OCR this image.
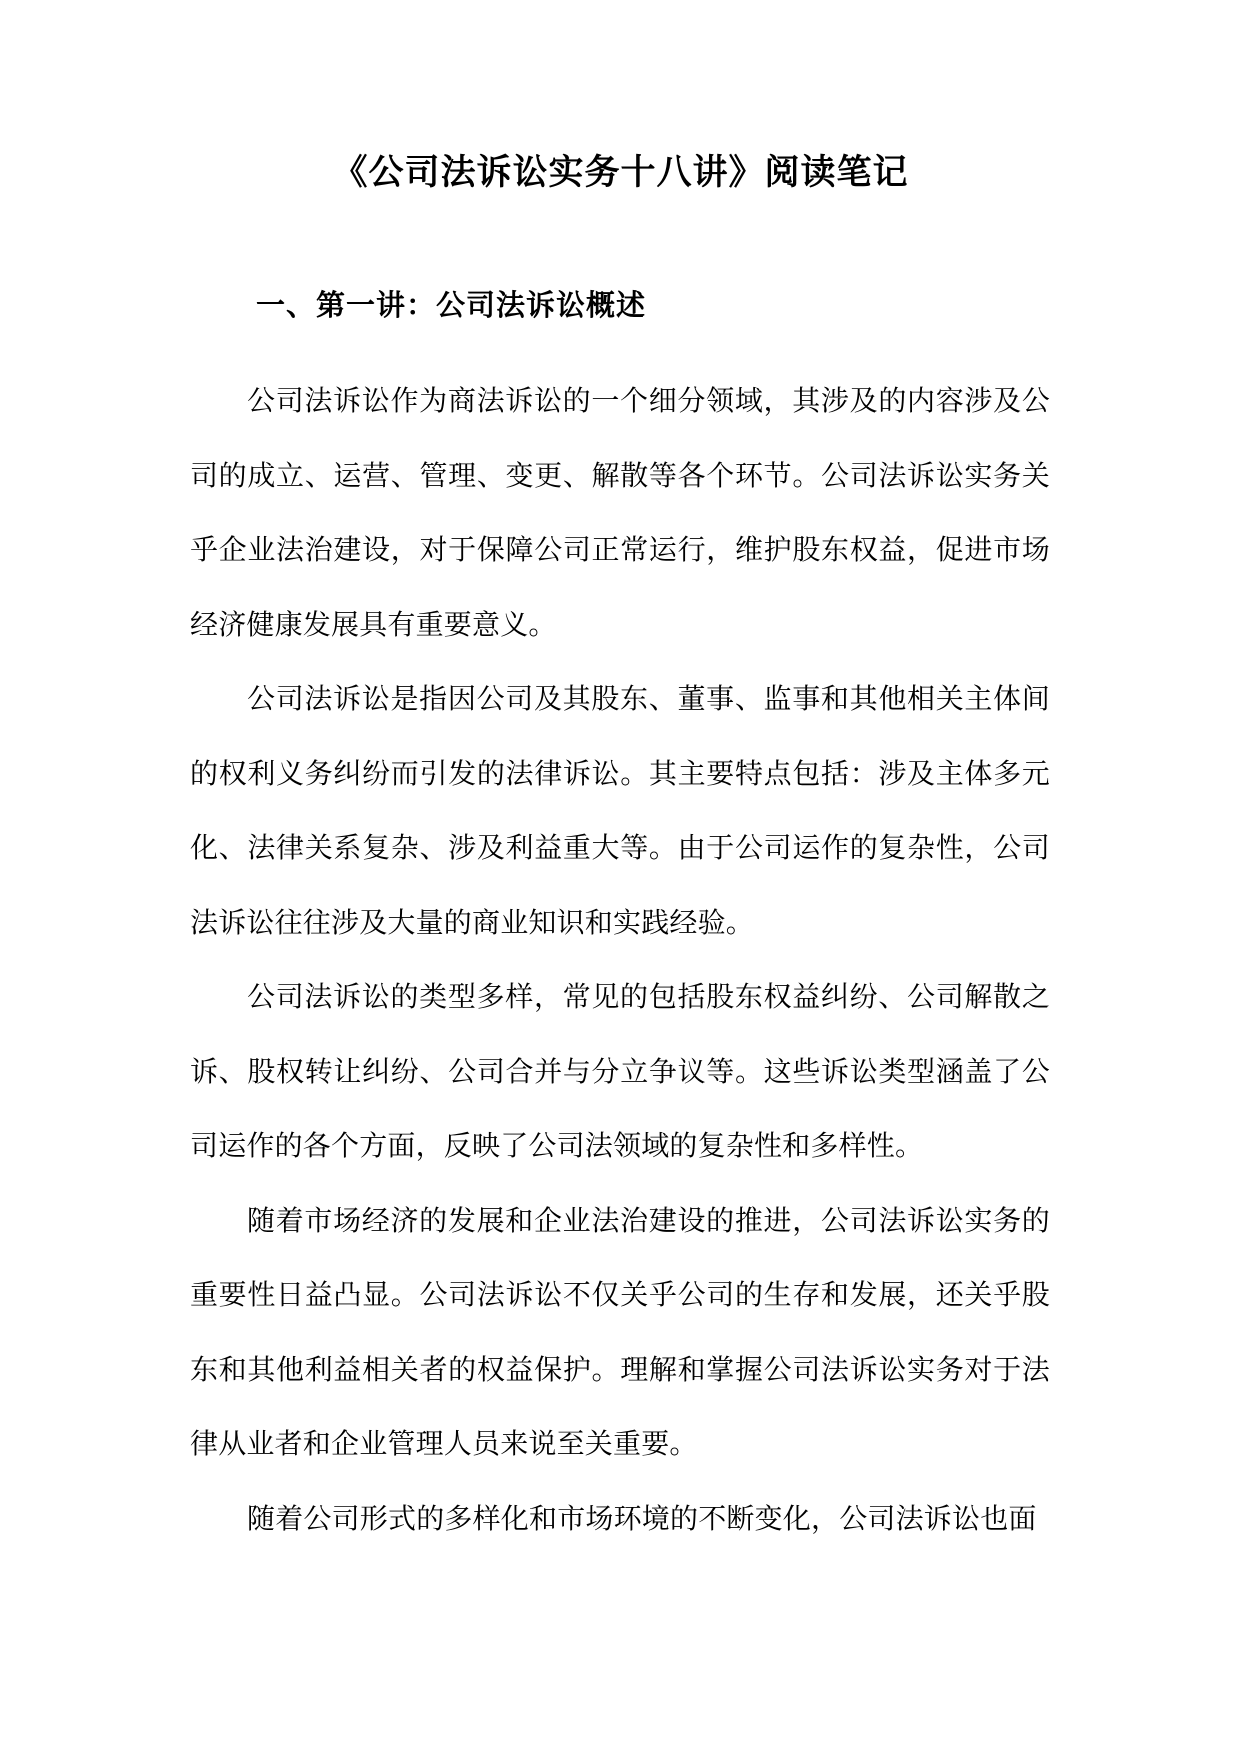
《公司法诉讼实务十八讲》阅读笔记
一、第一讲：公司法诉讼概述

公司法诉讼作为商法诉讼的一个细分领域，其涉及的内容涉及公司的成立、运营、管理、变更、解散等各个环节。公司法诉讼实务关乎企业法治建设，对于保障公司正常运行，维护股东权益，促进市场经济健康发展具有重要意义。

公司法诉讼是指因公司及其股东、董事、监事和其他相关主体间的权利义务纠纷而引发的法律诉讼。其主要特点包括：涉及主体多元化、法律关系复杂、涉及利益重大等。由于公司运作的复杂性，公司法诉讼往往涉及大量的商业知识和实践经验。

公司法诉讼的类型多样，常见的包括股东权益纠纷、公司解散之诉、股权转让纠纷、公司合并与分立争议等。这些诉讼类型涵盖了公司运作的各个方面，反映了公司法领域的复杂性和多样性。

随着市场经济的发展和企业法治建设的推进，公司法诉讼实务的重要性日益凸显。公司法诉讼不仅关乎公司的生存和发展，还关乎股东和其他利益相关者的权益保护。理解和掌握公司法诉讼实务对于法律从业者和企业管理人员来说至关重要。

随着公司形式的多样化和市场环境的不断变化，公司法诉讼也面
